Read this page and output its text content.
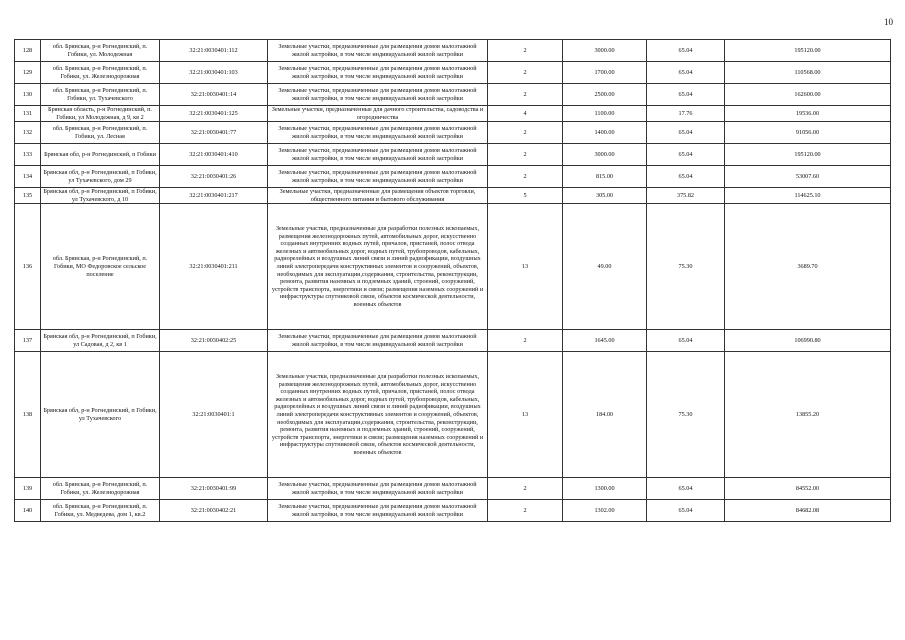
10
128	обл. Брянская, р-н Рогнединский, п. Гобики, ул. Молодежная	32:21:0030401:112	Земельные участки, предназначенные для размещения домов малоэтажной жилой застройки, в том числе индивидуальной жилой застройки	2	3000.00	65.04	195120.00
129	обл. Брянская, р-н Рогнединский, п. Гобики, ул. Железнодорожная	32:21:0030401:103	Земельные участки, предназначенные для размещения домов малоэтажной жилой застройки, в том числе индивидуальной жилой застройки	2	1700.00	65.04	110568.00
130	обл. Брянская, р-н Рогнединский, п. Гобики, ул. Тухачевского	32:21:0030401:14	Земельные участки, предназначенные для размещения домов малоэтажной жилой застройки, в том числе индивидуальной жилой застройки	2	2500.00	65.04	162600.00
131	Брянская область, р-н Рогнединский, п. Гобики, ул Молодежная, д 9, кв 2	32:21:0030401:125	Земельные участки, предназначенные для дачного строительства, садоводства и огородничества	4	1100.00	17.76	19536.00
132	обл. Брянская, р-н Рогнединский, п. Гобики, ул. Лесная	32:21:0030401:77	Земельные участки, предназначенные для размещения домов малоэтажной жилой застройки, в том числе индивидуальной жилой застройки	2	1400.00	65.04	91056.00
133	Брянская обл, р-н Рогнединский, п Гобики	32:21:0030401:410	Земельные участки, предназначенные для размещения домов малоэтажной жилой застройки, в том числе индивидуальной жилой застройки	2	3000.00	65.04	195120.00
134	Брянская обл, р-н Рогнединский, п Гобики, ул Тухачевского, дом 29	32:21:0030401:26	Земельные участки, предназначенные для размещения домов малоэтажной жилой застройки, в том числе индивидуальной жилой застройки	2	815.00	65.04	53007.60
135	Брянская обл, р-н Рогнединский, п Гобики, ул Тухачевского, д 10	32:21:0030401:217	Земельные участки, предназначенные для размещения объектов торговли, общественного питания и бытового обслуживания	5	305.00	375.82	114625.10
136	обл. Брянская, р-н Рогнединский, п. Гобики, МО Федоровское сельское поселение	32:21:0030401:211	Земельные участки, предназначенные для разработки полезных ископаемых, размещения железнодорожных путей, автомобильных дорог, искусственно созданных внутренних водных путей, причалов, пристаней, полос отвода железных и автомобильных дорог, водных путей, трубопроводов, кабельных, радиорелейных и воздушных линий связи и линий радиофикации, воздушных линий электропередачи конструктивных элементов и сооружений, объектов, необходимых для эксплуатации,содержания, строительства, реконструкции, ремонта, развития наземных и подземных зданий, строений, сооружений, устройств транспорта, энергетики и связи; размещения наземных сооружений и инфраструктуры спутниковой связи, объектов космической деятельности, военных объектов	13	49.00	75.30	3689.70
137	Брянская обл, р-н Рогнединский, п Гобики, ул Садовая, д 2, кв 1	32:21:0030402:25	Земельные участки, предназначенные для размещения домов малоэтажной жилой застройки, в том числе индивидуальной жилой застройки	2	1645.00	65.04	106990.80
138	Брянская обл, р-н Рогнединский, п Гобики, ул Тухачевского	32:21:0030401:1	Земельные участки, предназначенные для разработки полезных ископаемых, размещения железнодорожных путей, автомобильных дорог, искусственно созданных внутренних водных путей, причалов, пристаней, полос отвода железных и автомобильных дорог, водных путей, трубопроводов, кабельных, радиорелейных и воздушных линий связи и линий радиофикации, воздушных линий электропередачи конструктивных элементов и сооружений, объектов, необходимых для эксплуатации,содержания, строительства, реконструкции, ремонта, развития наземных и подземных зданий, строений, сооружений, устройств транспорта, энергетики и связи; размещения наземных сооружений и инфраструктуры спутниковой связи, объектов космической деятельности, военных объектов	13	184.00	75.30	13855.20
139	обл. Брянская, р-н Рогнединский, п. Гобики, ул. Железнодорожная	32:21:0030401:99	Земельные участки, предназначенные для размещения домов малоэтажной жилой застройки, в том числе индивидуальной жилой застройки	2	1300.00	65.04	84552.00
140	обл. Брянская, р-н Рогнединский, п. Гобики, ул. Медведева, дом 1, кв.2	32:21:0030402:21	Земельные участки, предназначенные для размещения домов малоэтажной жилой застройки, в том числе индивидуальной жилой застройки	2	1302.00	65.04	84682.08
